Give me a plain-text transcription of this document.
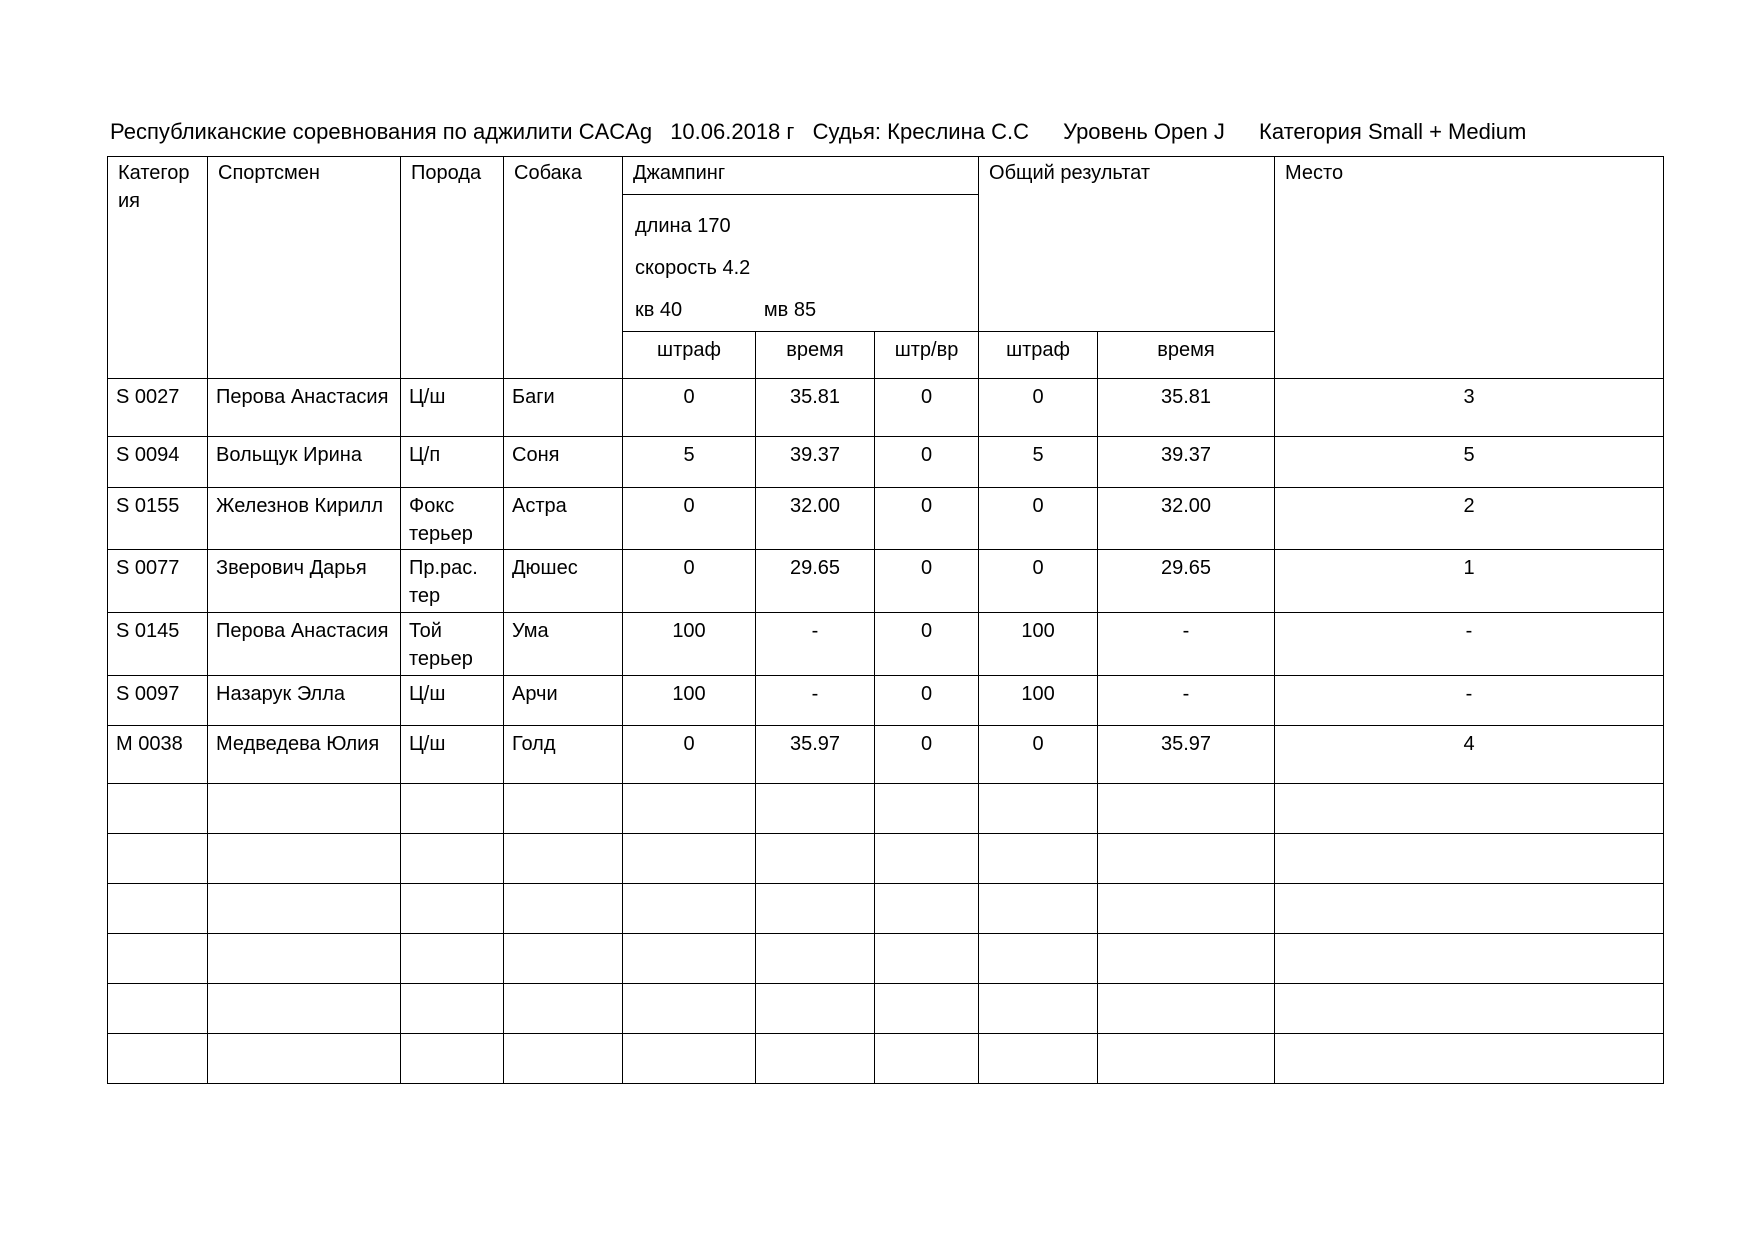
Республиканские соревнования по аджилити CACAg 10.06.2018 г Судья: Креслина С.С Уровень Open J Категория Small + Medium
Категор ия	Спортсмен	Порода	Собака	Джампинг			Общий результат		Место

				длина 170
скорость 4.2
кв 40 мв 85					

				штраф	время	штр/вр	штраф	время	
S 0027	Перова Анастасия	Ц/ш	Баги	0	35.81	0	0	35.81	3
S 0094	Вольщук Ирина	Ц/п	Соня	5	39.37	0	5	39.37	5
S 0155	Железнов Кирилл	Фокс терьер	Астра	0	32.00	0	0	32.00	2
S 0077	Зверович Дарья	Пр.рас. тер	Дюшес	0	29.65	0	0	29.65	1
S 0145	Перова Анастасия	Той терьер	Ума	100	-	0	100	-	-
S 0097	Назарук Элла	Ц/ш	Арчи	100	-	0	100	-	-
M 0038	Медведева Юлия	Ц/ш	Голд	0	35.97	0	0	35.97	4
